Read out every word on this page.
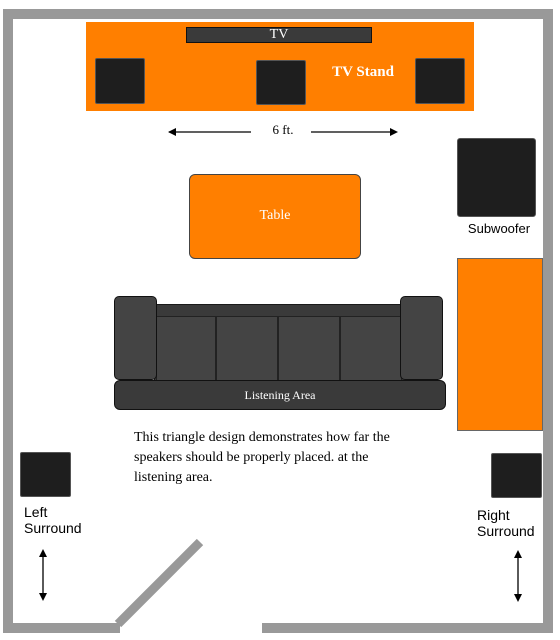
TV
TV Stand
6 ft.
Table
Subwoofer
Listening Area
This triangle design demonstrates how far the speakers should be properly placed. at the listening area.
Left
Surround
Right
Surround
